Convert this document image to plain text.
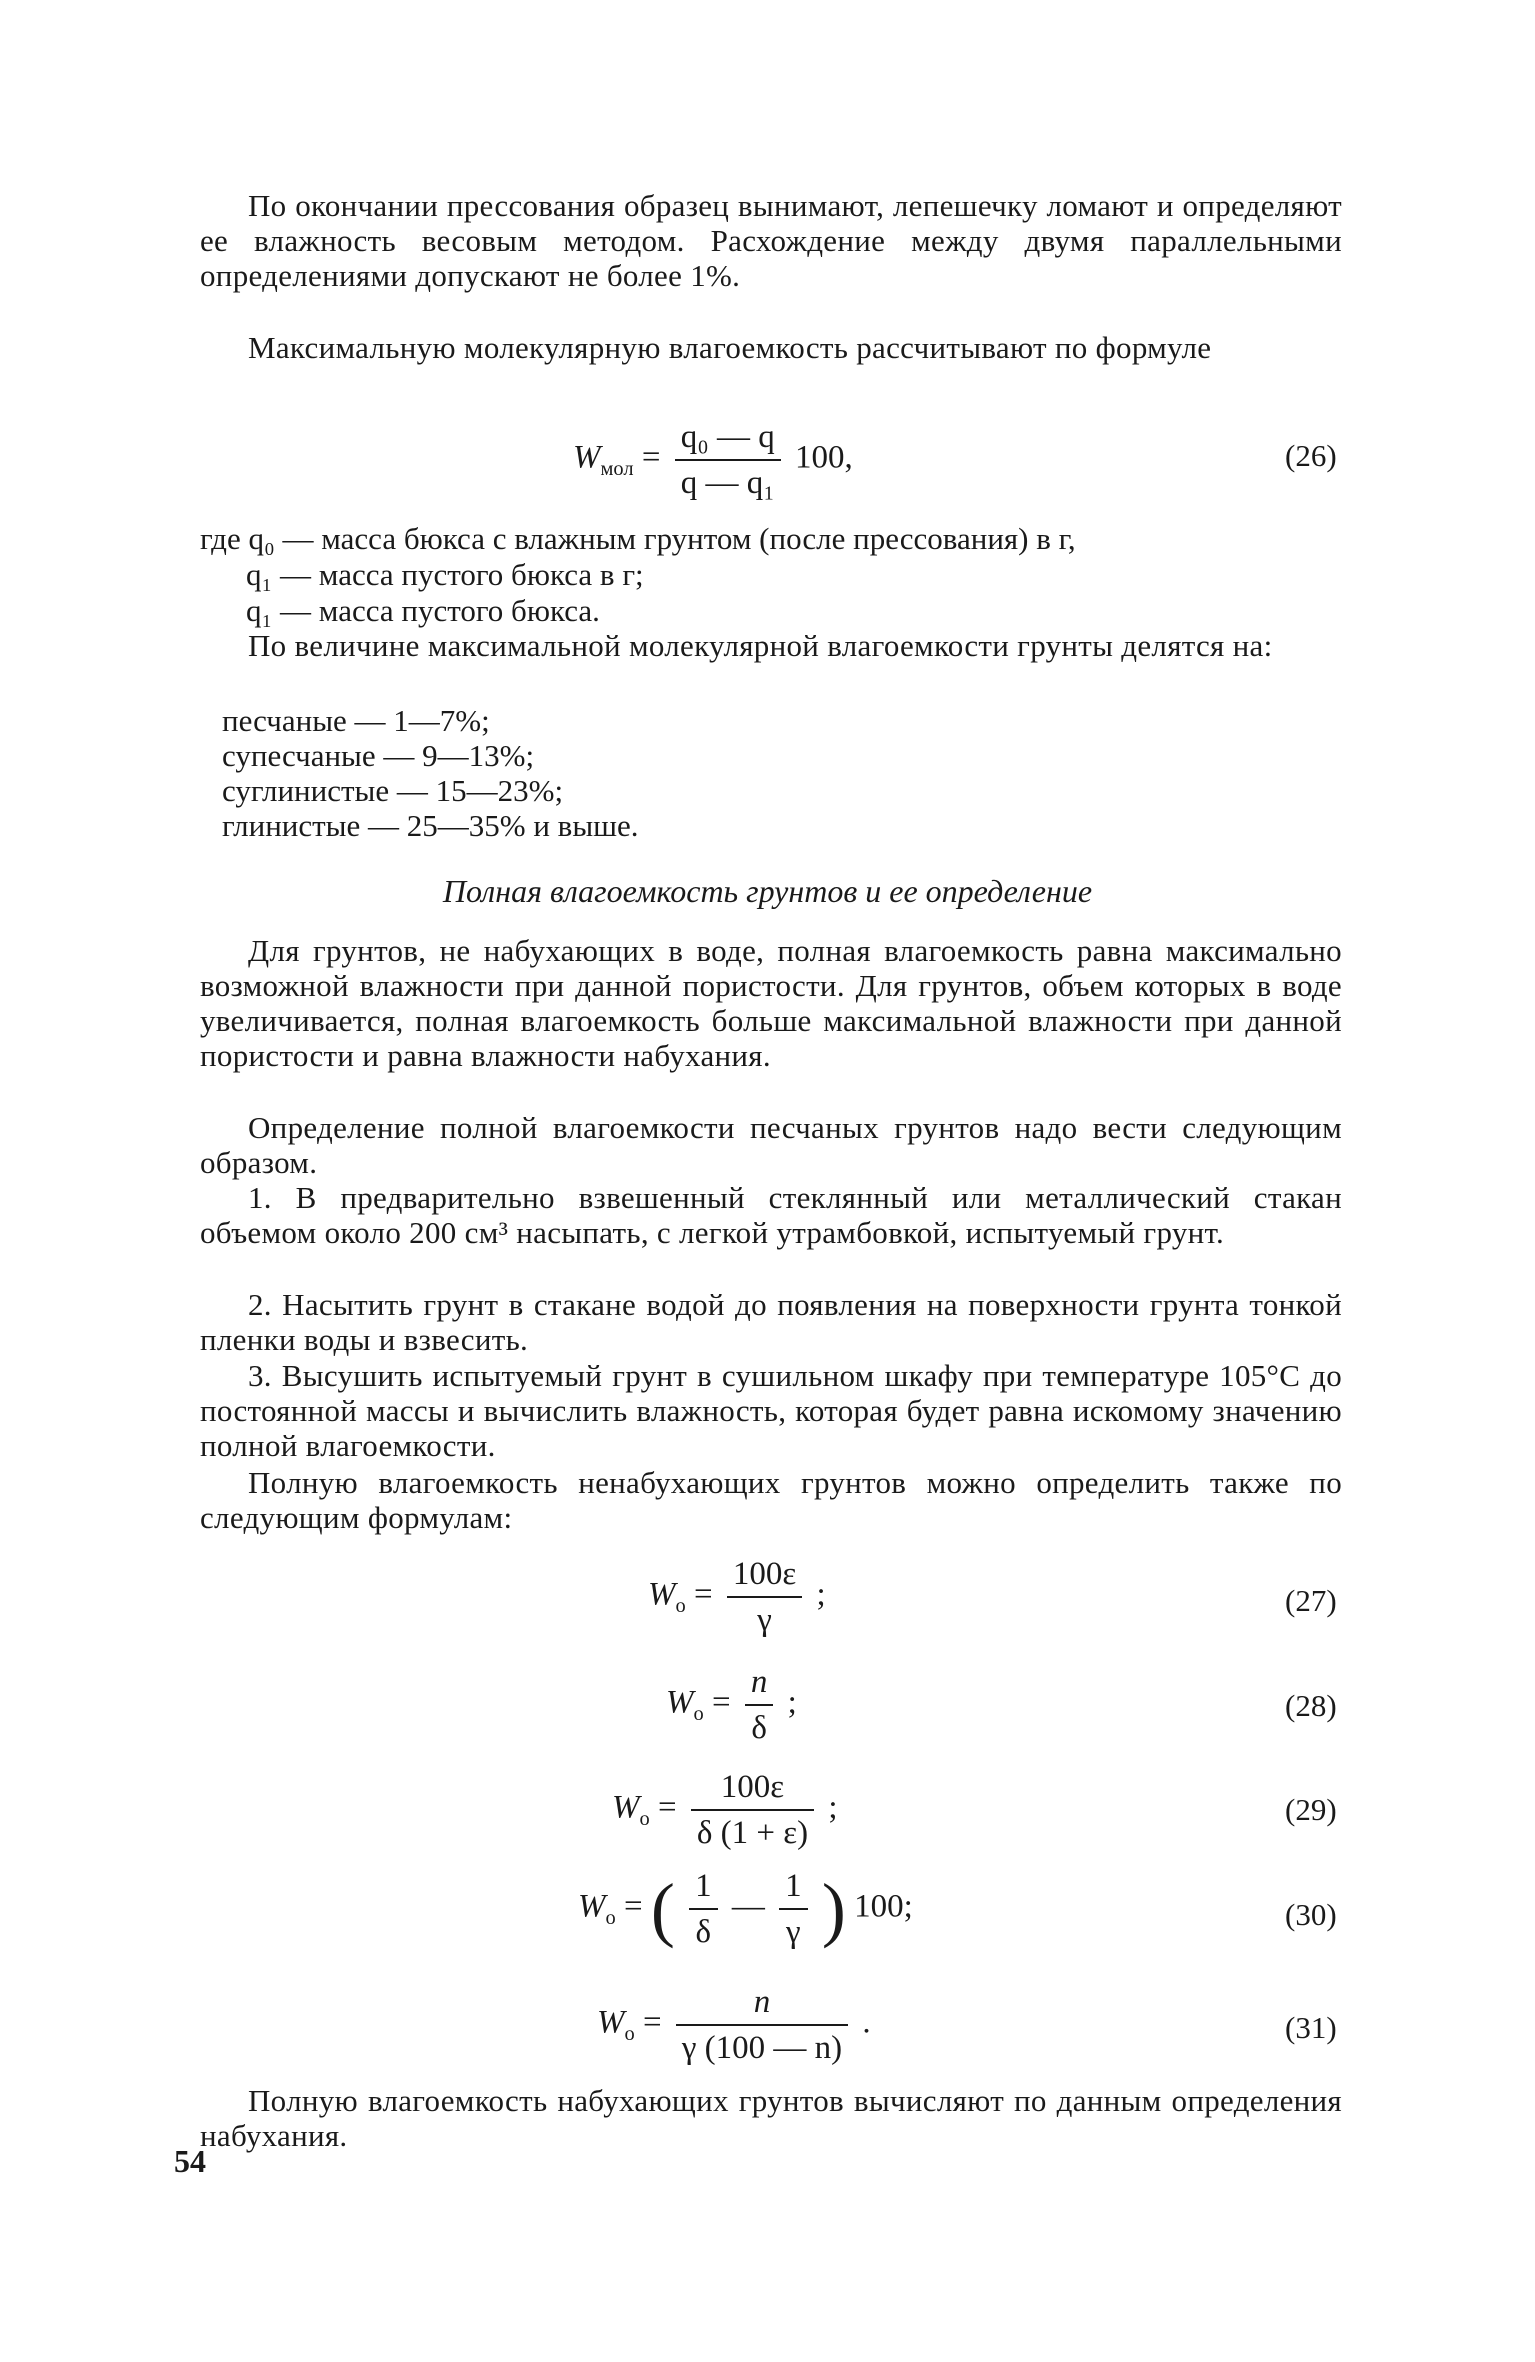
По окончании прессования образец вынимают, лепешечку ломают и определяют ее влажность весовым методом. Расхождение между двумя параллельными определениями допускают не более 1%.

Максимальную молекулярную влагоемкость рассчитывают по формуле

$W_{мол} = \frac{\text{q₀ — q}}{\text{q — q₁}} 100$,	(26)

где q₀ — масса бюкса с влажным грунтом (после прессования) в г,

q₁ — масса пустого бюкса в г;

q₁ — масса пустого бюкса.

По величине максимальной молекулярной влагоемкости грунты делятся на:

песчаные — 1—7%;

супесчаные — 9—13%;

суглинистые — 15—23%;

глинистые — 25—35% и выше.

Полная влагоемкость грунтов и ее определение

Для грунтов, не набухающих в воде, полная влагоемкость равна максимально возможной влажности при данной пористости. Для грунтов, объем которых в воде увеличивается, полная влагоемкость больше максимальной влажности при данной пористости и равна влажности набухания.

Определение полной влагоемкости песчаных грунтов надо вести следующим образом.

1. В предварительно взвешенный стеклянный или металлический стакан объемом около 200 см³ насыпать, с легкой утрамбовкой, испытуемый грунт.

2. Насытить грунт в стакане водой до появления на поверхности грунта тонкой пленки воды и взвесить.

3. Высушить испытуемый грунт в сушильном шкафу при температуре 105°С до постоянной массы и вычислить влажность, которая будет равна искомому значению полной влагоемкости.

Полную влагоемкость ненабухающих грунтов можно определить также по следующим формулам:

$W_о = \frac{100\varepsilon}{\gamma}$ ;	(27)
$W_о = \frac{n}{\delta}$ ;	(28)
$W_о = \frac{100\varepsilon}{\delta (1 + \varepsilon)}$ ;	(29)
$W_о$ = ( $\frac{1}{\delta}$ — $\frac{1}{\gamma}$ ) 100;	(30)
$W_о = \frac{n}{\gamma (100 — n)}$ .	(31)

Полную влагоемкость набухающих грунтов вычисляют по данным определения набухания.

54
